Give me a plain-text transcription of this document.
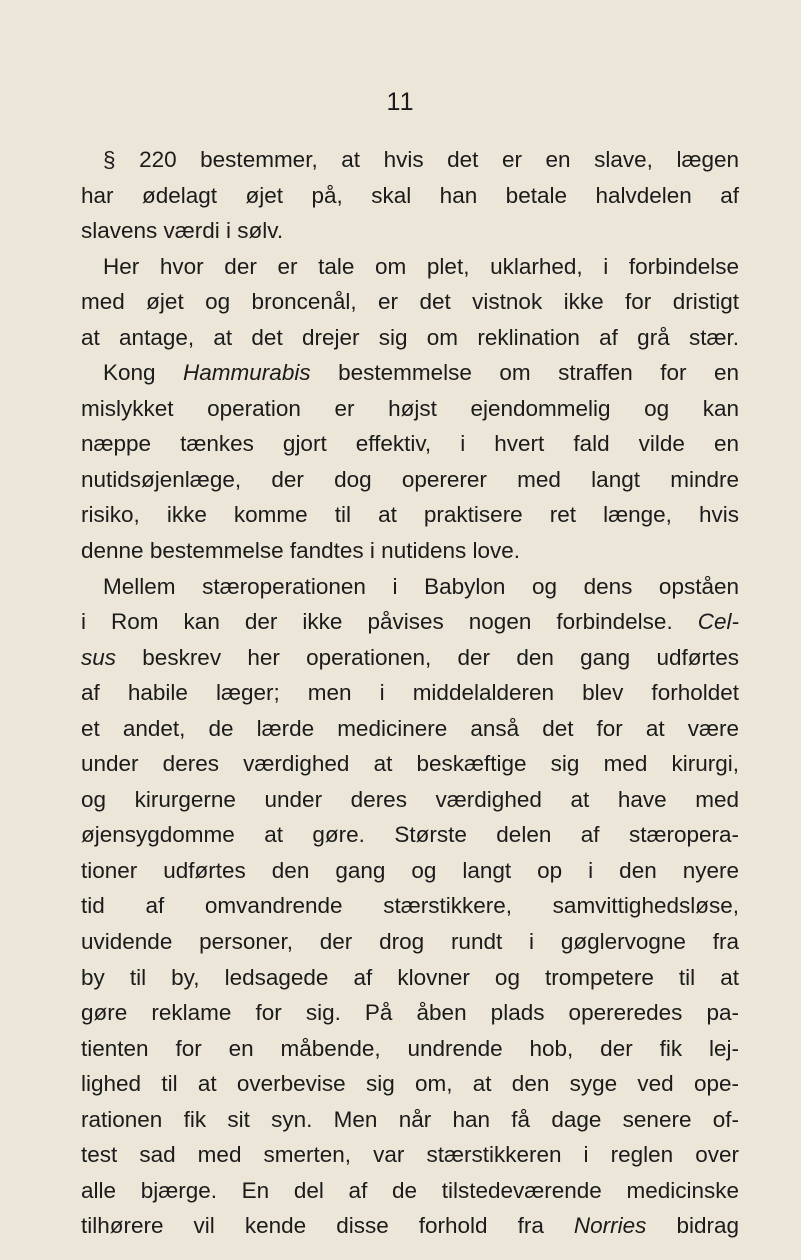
11
§ 220 bestemmer, at hvis det er en slave, lægen
har ødelagt øjet på, skal han betale halvdelen af
slavens værdi i sølv.
Her hvor der er tale om plet, uklarhed, i forbindelse
med øjet og broncenål, er det vistnok ikke for dristigt
at antage, at det drejer sig om reklination af grå stær.
Kong Hammurabis bestemmelse om straffen for en
mislykket operation er højst ejendommelig og kan
næppe tænkes gjort effektiv, i hvert fald vilde en
nutidsøjenlæge, der dog opererer med langt mindre
risiko, ikke komme til at praktisere ret længe, hvis
denne bestemmelse fandtes i nutidens love.
Mellem stæroperationen i Babylon og dens opståen
i Rom kan der ikke påvises nogen forbindelse. Cel-
sus beskrev her operationen, der den gang udførtes
af habile læger; men i middelalderen blev forholdet
et andet, de lærde medicinere anså det for at være
under deres værdighed at beskæftige sig med kirurgi,
og kirurgerne under deres værdighed at have med
øjensygdomme at gøre. Største delen af stæropera-
tioner udførtes den gang og langt op i den nyere
tid af omvandrende stærstikkere, samvittighedsløse,
uvidende personer, der drog rundt i gøglervogne fra
by til by, ledsagede af klovner og trompetere til at
gøre reklame for sig. På åben plads opereredes pa-
tienten for en måbende, undrende hob, der fik lej-
lighed til at overbevise sig om, at den syge ved ope-
rationen fik sit syn. Men når han få dage senere of-
test sad med smerten, var stærstikkeren i reglen over
alle bjærge. En del af de tilstedeværende medicinske
tilhørere vil kende disse forhold fra Norries bidrag
